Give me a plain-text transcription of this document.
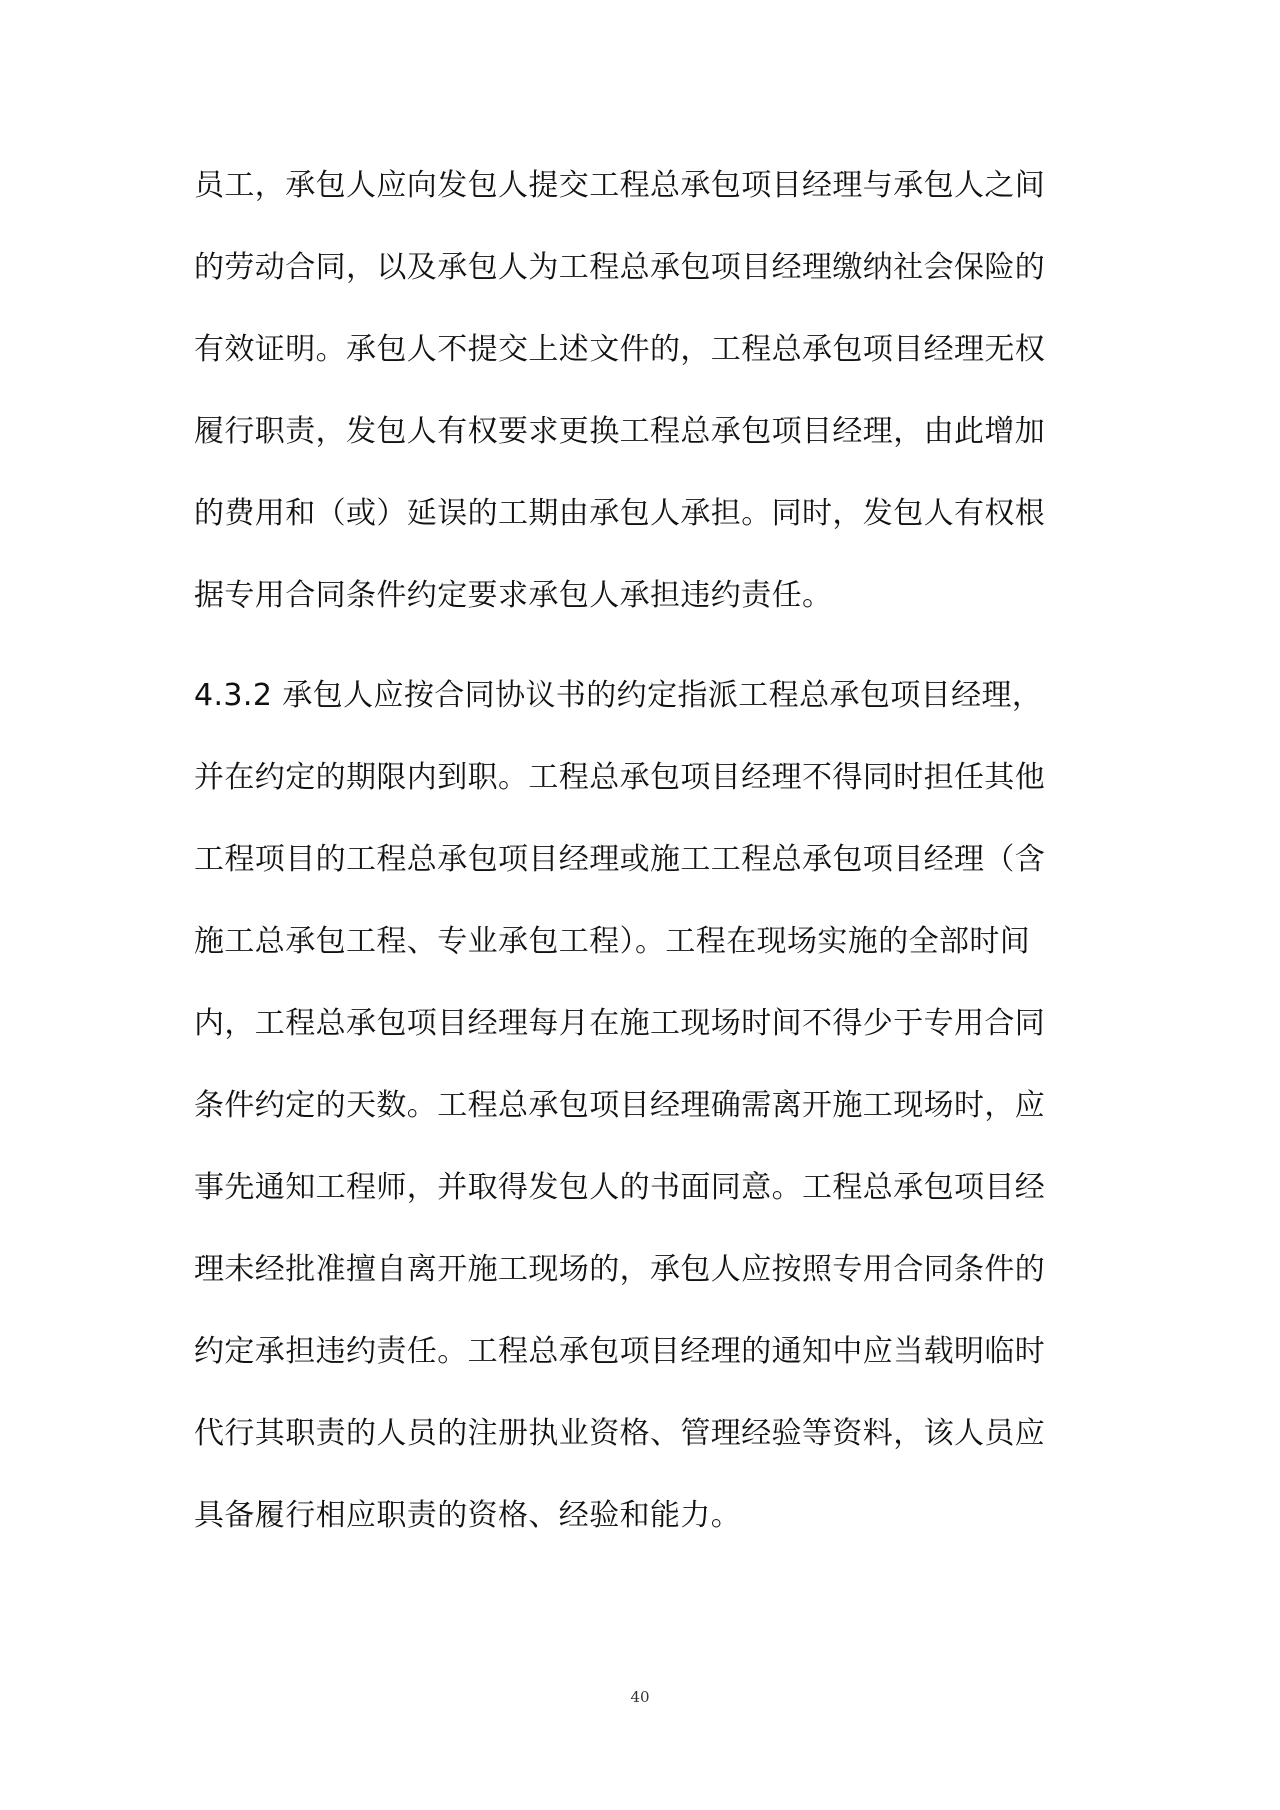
员工，承包人应向发包人提交工程总承包项目经理与承包人之间
的劳动合同，以及承包人为工程总承包项目经理缴纳社会保险的
有效证明。承包人不提交上述文件的，工程总承包项目经理无权
履行职责，发包人有权要求更换工程总承包项目经理，由此增加
的费用和（或）延误的工期由承包人承担。同时，发包人有权根
据专用合同条件约定要求承包人承担违约责任。
4.3.2 承包人应按合同协议书的约定指派工程总承包项目经理，
并在约定的期限内到职。工程总承包项目经理不得同时担任其他
工程项目的工程总承包项目经理或施工工程总承包项目经理（含
施工总承包工程、专业承包工程）。工程在现场实施的全部时间
内，工程总承包项目经理每月在施工现场时间不得少于专用合同
条件约定的天数。工程总承包项目经理确需离开施工现场时，应
事先通知工程师，并取得发包人的书面同意。工程总承包项目经
理未经批准擅自离开施工现场的，承包人应按照专用合同条件的
约定承担违约责任。工程总承包项目经理的通知中应当载明临时
代行其职责的人员的注册执业资格、管理经验等资料，该人员应
具备履行相应职责的资格、经验和能力。
40
